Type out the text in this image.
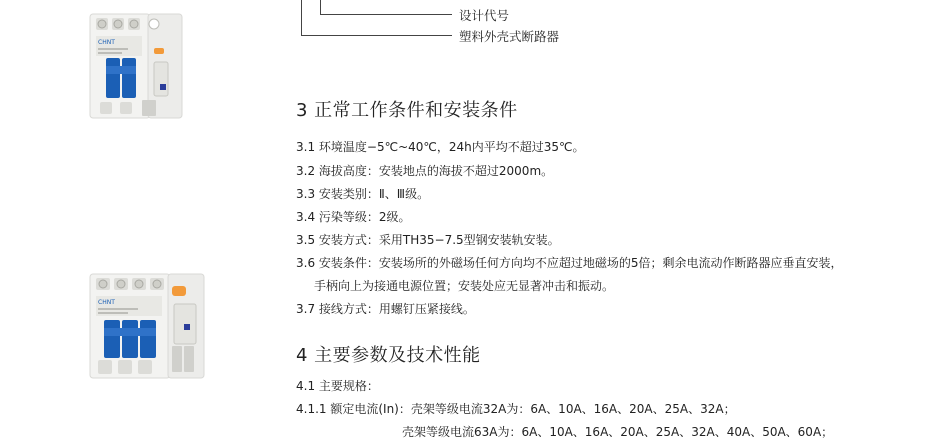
CHNT
CHNT
设计代号
塑料外壳式断路器
3 正常工作条件和安装条件
3.1 环境温度−5℃~40℃，24h内平均不超过35℃。
3.2 海拔高度：安装地点的海拔不超过2000m。
3.3 安装类别：Ⅱ、Ⅲ级。
3.4 污染等级：2级。
3.5 安装方式：采用TH35−7.5型钢安装轨安装。
3.6 安装条件：安装场所的外磁场任何方向均不应超过地磁场的5倍；剩余电流动作断路器应垂直安装，
手柄向上为接通电源位置；安装处应无显著冲击和振动。
3.7 接线方式：用螺钉压紧接线。
4 主要参数及技术性能
4.1 主要规格：
4.1.1 额定电流(In)：壳架等级电流32A为：6A、10A、16A、20A、25A、32A；
壳架等级电流63A为：6A、10A、16A、20A、25A、32A、40A、50A、60A；
